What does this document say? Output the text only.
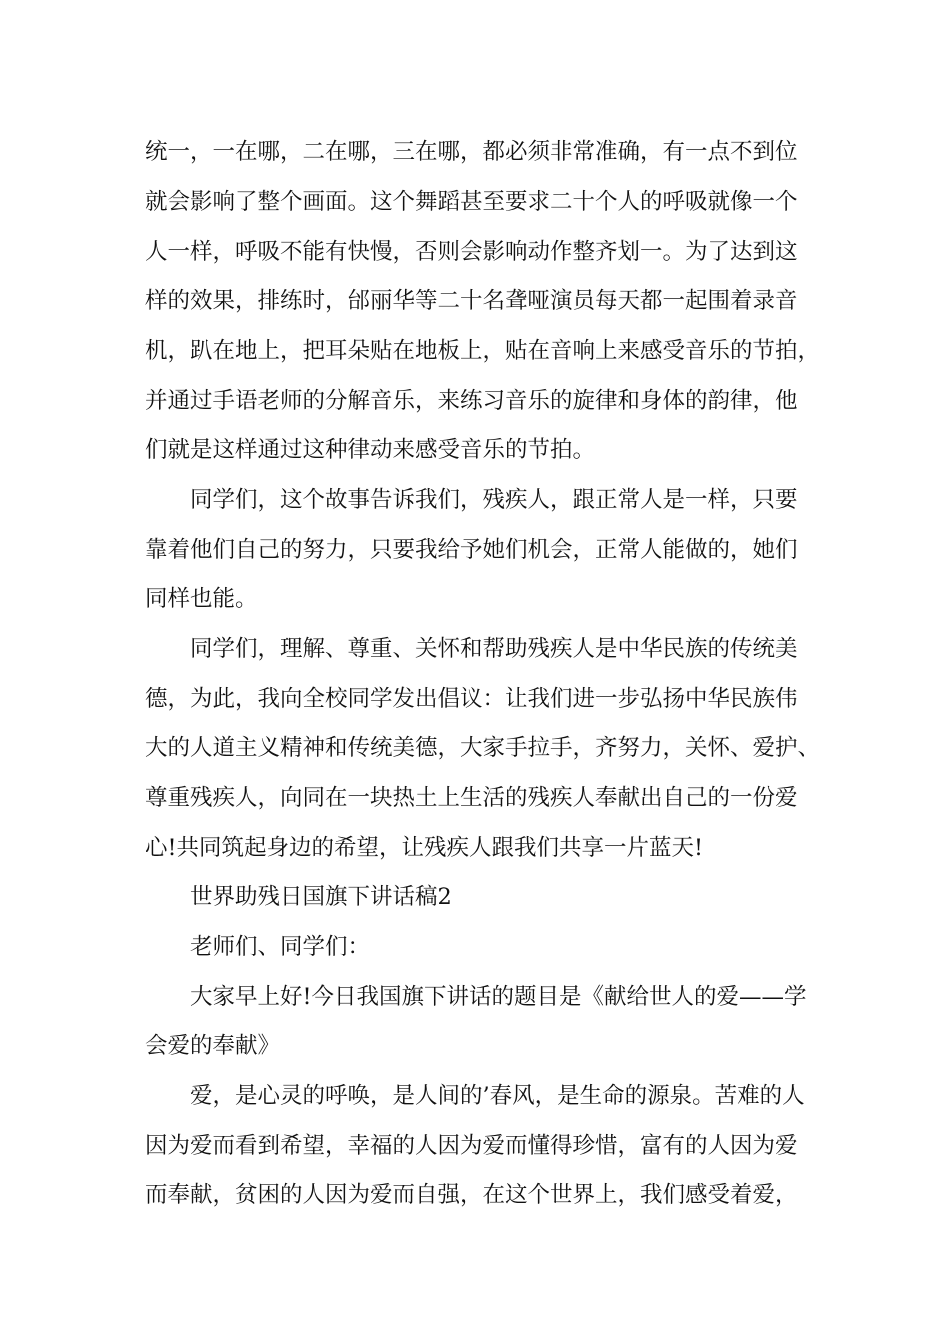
统一，一在哪，二在哪，三在哪，都必须非常准确，有一点不到位
就会影响了整个画面。这个舞蹈甚至要求二十个人的呼吸就像一个
人一样，呼吸不能有快慢，否则会影响动作整齐划一。为了达到这
样的效果，排练时，邰丽华等二十名聋哑演员每天都一起围着录音
机，趴在地上，把耳朵贴在地板上，贴在音响上来感受音乐的节拍，
并通过手语老师的分解音乐，来练习音乐的旋律和身体的韵律，他
们就是这样通过这种律动来感受音乐的节拍。
同学们，这个故事告诉我们，残疾人，跟正常人是一样，只要
靠着他们自己的努力，只要我给予她们机会，正常人能做的，她们
同样也能。
同学们，理解、尊重、关怀和帮助残疾人是中华民族的传统美
德，为此，我向全校同学发出倡议：让我们进一步弘扬中华民族伟
大的人道主义精神和传统美德，大家手拉手，齐努力，关怀、爱护、
尊重残疾人，向同在一块热土上生活的残疾人奉献出自己的一份爱
心!共同筑起身边的希望，让残疾人跟我们共享一片蓝天!
世界助残日国旗下讲话稿2
老师们、同学们：
大家早上好!今日我国旗下讲话的题目是《献给世人的爱——学
会爱的奉献》
爱，是心灵的呼唤，是人间的’春风，是生命的源泉。苦难的人
因为爱而看到希望，幸福的人因为爱而懂得珍惜，富有的人因为爱
而奉献，贫困的人因为爱而自强，在这个世界上，我们感受着爱，
